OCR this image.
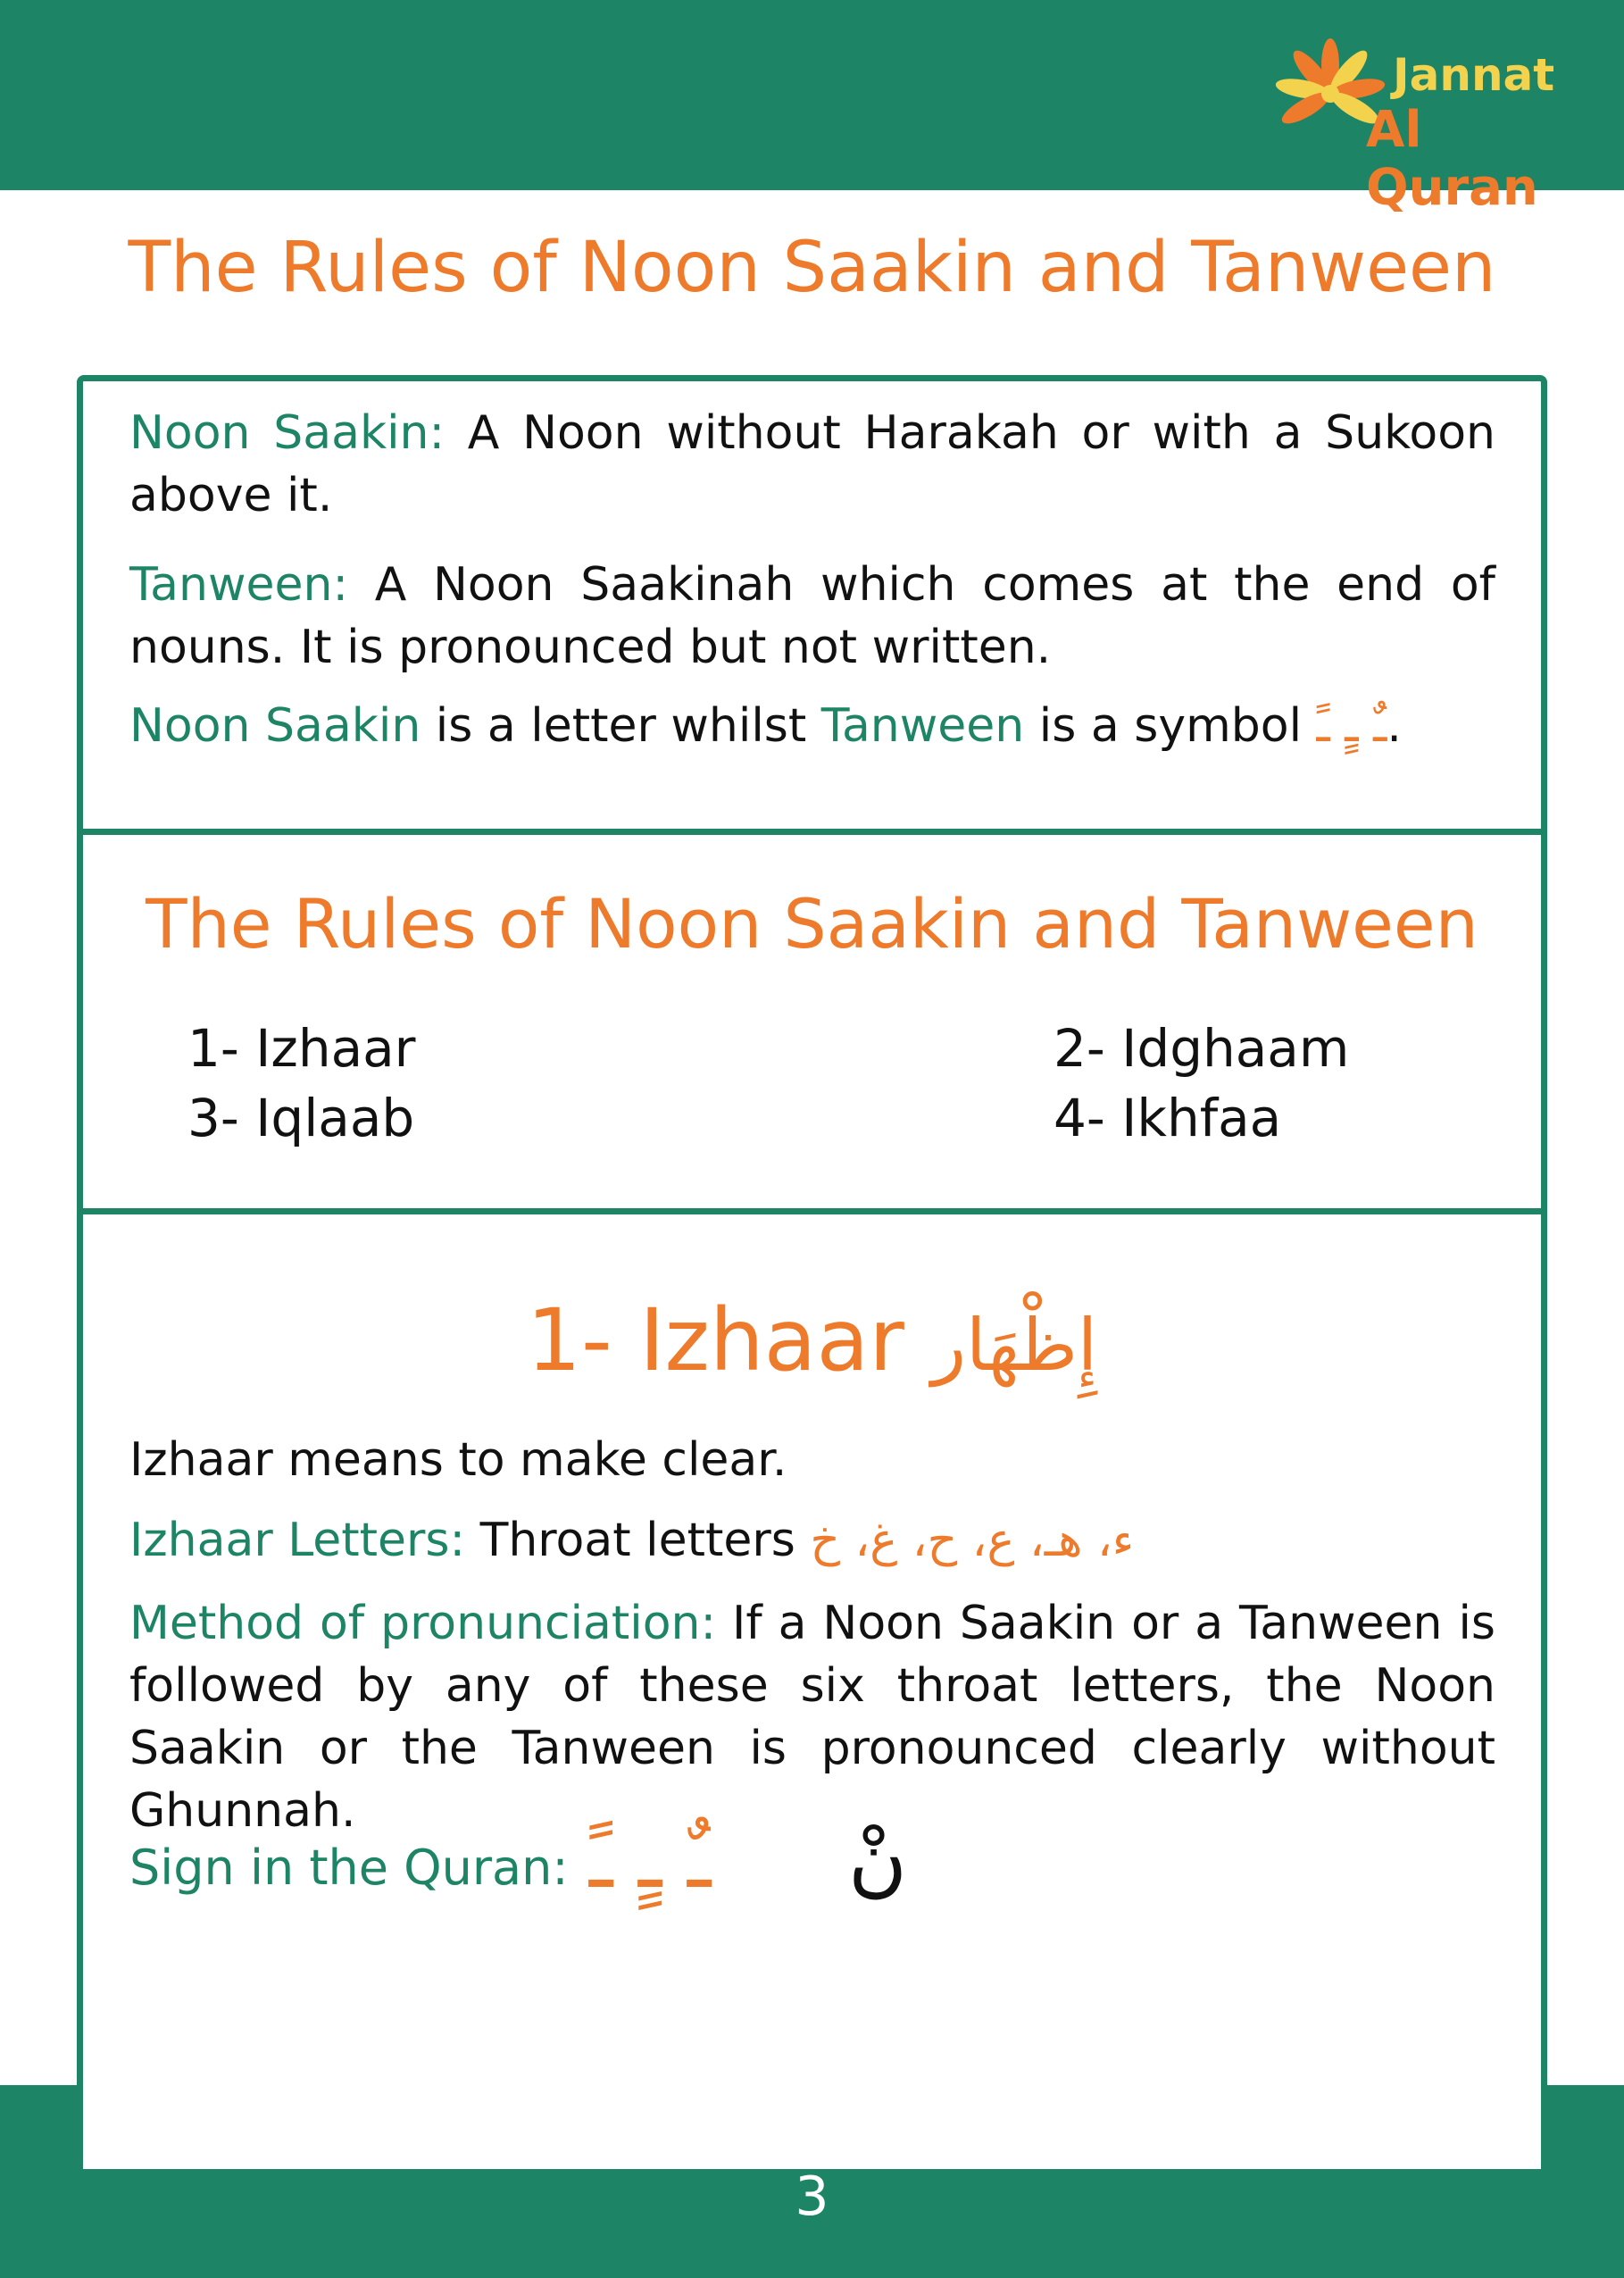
Jannat
Al Quran
The Rules of Noon Saakin and Tanween

Noon Saakin: A Noon without Harakah or with a Sukoon above it.

Tanween: A Noon Saakinah which comes at the end of nouns. It is pronounced but not written.

Noon Saakin is a letter whilst Tanween is a symbol ـٌ ـٍ ـً.

The Rules of Noon Saakin and Tanween
1- Izhaar	2- Idghaam
3- Iqlaab	4- Ikhfaa
1- Izhaar إِظْهَار

Izhaar means to make clear.

Izhaar Letters: Throat letters ء، هـ، ع، ح، غ، خ

Method of pronunciation: If a Noon Saakin or a Tanween is followed by any of these six throat letters, the Noon Saakin or the Tanween is pronounced clearly without Ghunnah.

Sign in the Quran: ـٌ ـٍ ـً نْ
3
